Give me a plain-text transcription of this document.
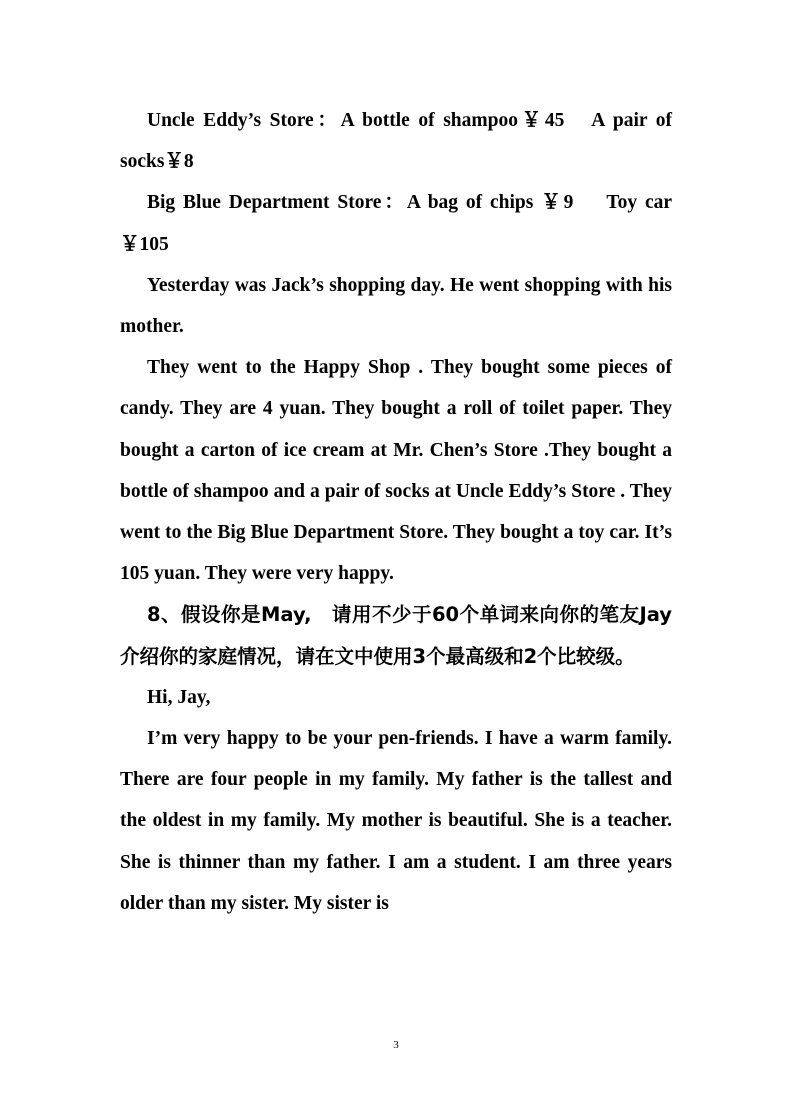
Uncle Eddy’s Store：A bottle of shampoo￥45　A pair of socks￥8

Big Blue Department Store：A bag of chips ￥9　 Toy car ￥105

Yesterday was Jack’s shopping day. He went shopping with his mother.

They went to the Happy Shop . They bought some pieces of candy. They are 4 yuan. They bought a roll of toilet paper. They bought a carton of ice cream at Mr. Chen’s Store .They bought a bottle of shampoo and a pair of socks at Uncle Eddy’s Store . They went to the Big Blue Department Store. They bought a toy car. It’s 105 yuan. They were very happy.

8、假设你是May,　请用不少于60个单词来向你的笔友Jay介绍你的家庭情况，请在文中使用3个最高级和2个比较级。

Hi, Jay,

I’m very happy to be your pen-friends. I have a warm family. There are four people in my family. My father is the tallest and the oldest in my family. My mother is beautiful. She is a teacher. She is thinner than my father. I am a student. I am three years older than my sister. My sister is

3
